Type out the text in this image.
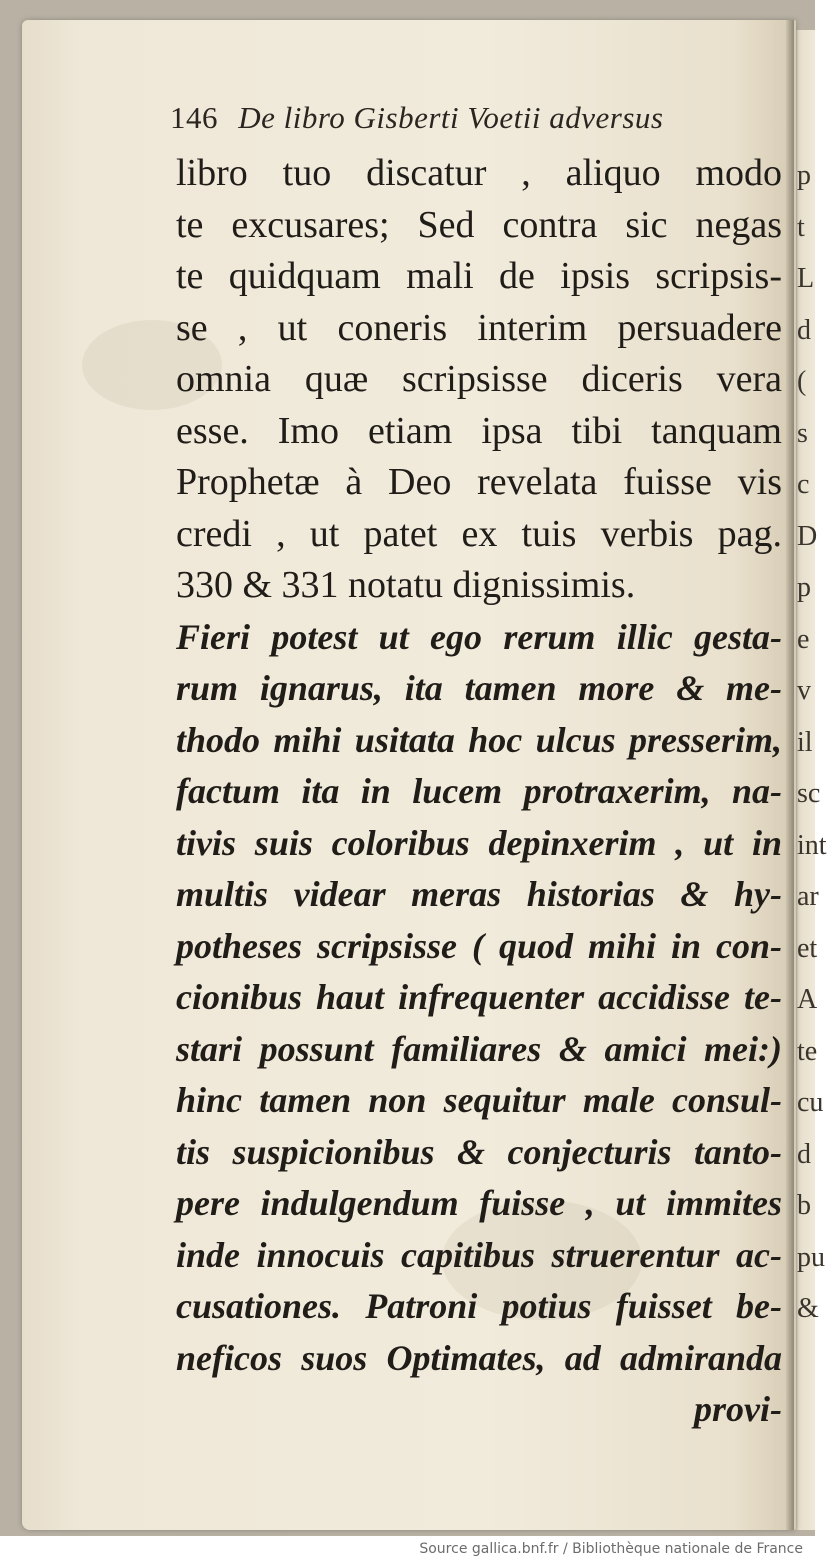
146 De libro Gisberti Voetii adversus
libro tuo discatur , aliquo modo
te excusares; Sed contra sic negas
te quidquam mali de ipsis scripsis-
se , ut coneris interim persuadere
omnia quæ scripsisse diceris vera
esse. Imo etiam ipsa tibi tanquam
Prophetæ à Deo revelata fuisse vis
credi , ut patet ex tuis verbis pag.
330 & 331 notatu dignissimis.
Fieri potest ut ego rerum illic gesta-
rum ignarus, ita tamen more & me-
thodo mihi usitata hoc ulcus presserim,
factum ita in lucem protraxerim, na-
tivis suis coloribus depinxerim , ut in
multis videar meras historias & hy-
potheses scripsisse ( quod mihi in con-
cionibus haut infrequenter accidisse te-
stari possunt familiares & amici mei:)
hinc tamen non sequitur male consul-
tis suspicionibus & conjecturis tanto-
pere indulgendum fuisse , ut immites
inde innocuis capitibus struerentur ac-
cusationes. Patroni potius fuisset be-
neficos suos Optimates, ad admiranda
provi-
p
t
L
d
(
s
c
D
p
e
v
il
sc
int
ar
et
A
te
cu
d
b
pu
&
Source gallica.bnf.fr / Bibliothèque nationale de France
